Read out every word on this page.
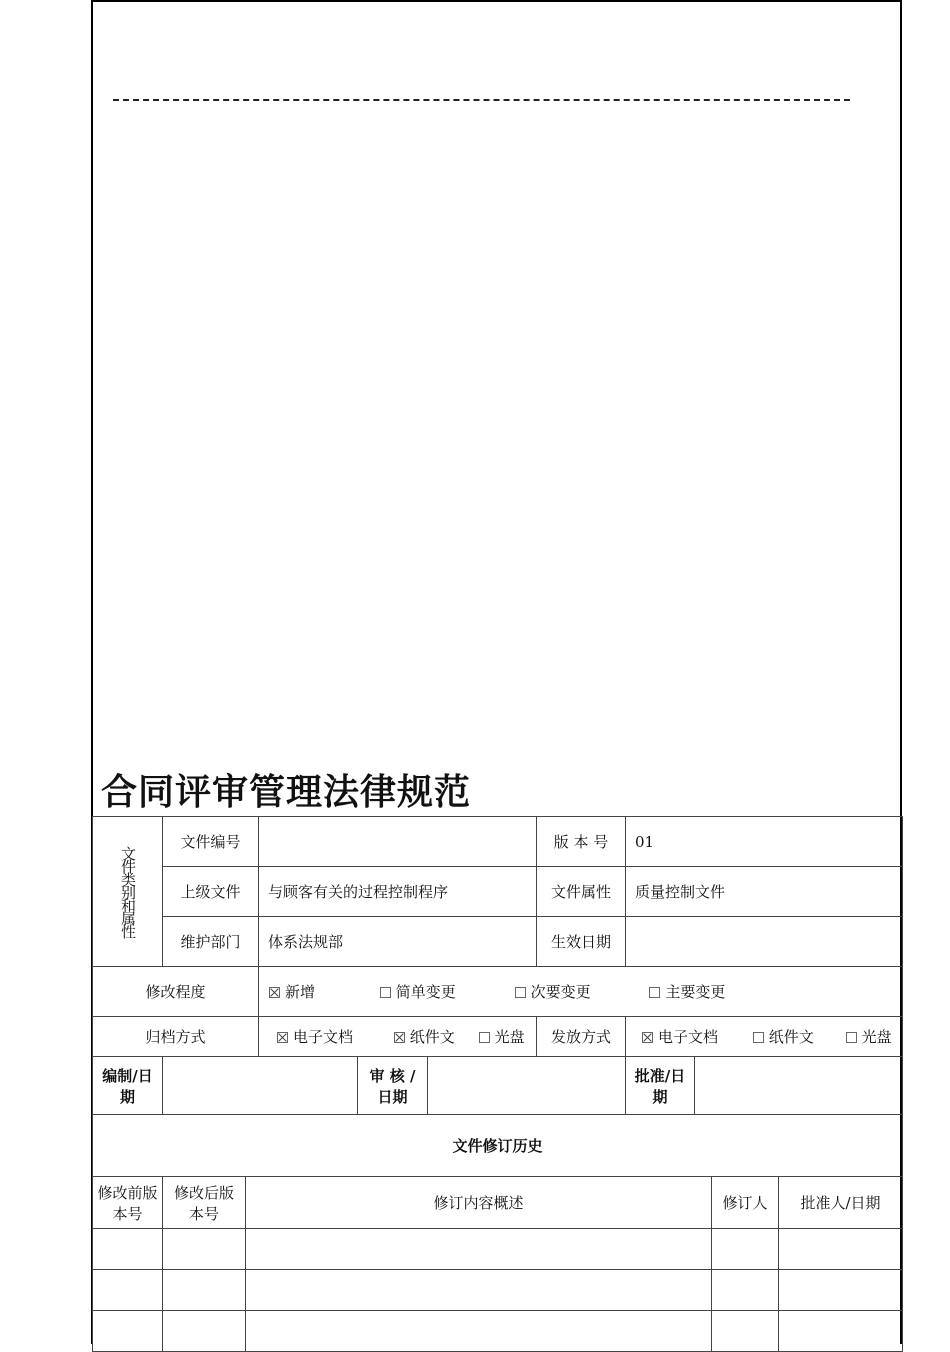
合同评审管理法律规范
文件类别和属性	文件编号		版 本 号	01
	上级文件	与顾客有关的过程控制程序	文件属性	质量控制文件
	维护部门	体系法规部	生效日期	
修改程度	新增	简单变更	次要变更	主要变更
归档方式	电子文档	纸件文	光盘	发放方式	电子文档	纸件文	光盘
编制/日期		审 核 / 日期		批准/日期	
文件修订历史				
修改前版本号	修改后版本号	修订内容概述	修订人	批准人/日期
